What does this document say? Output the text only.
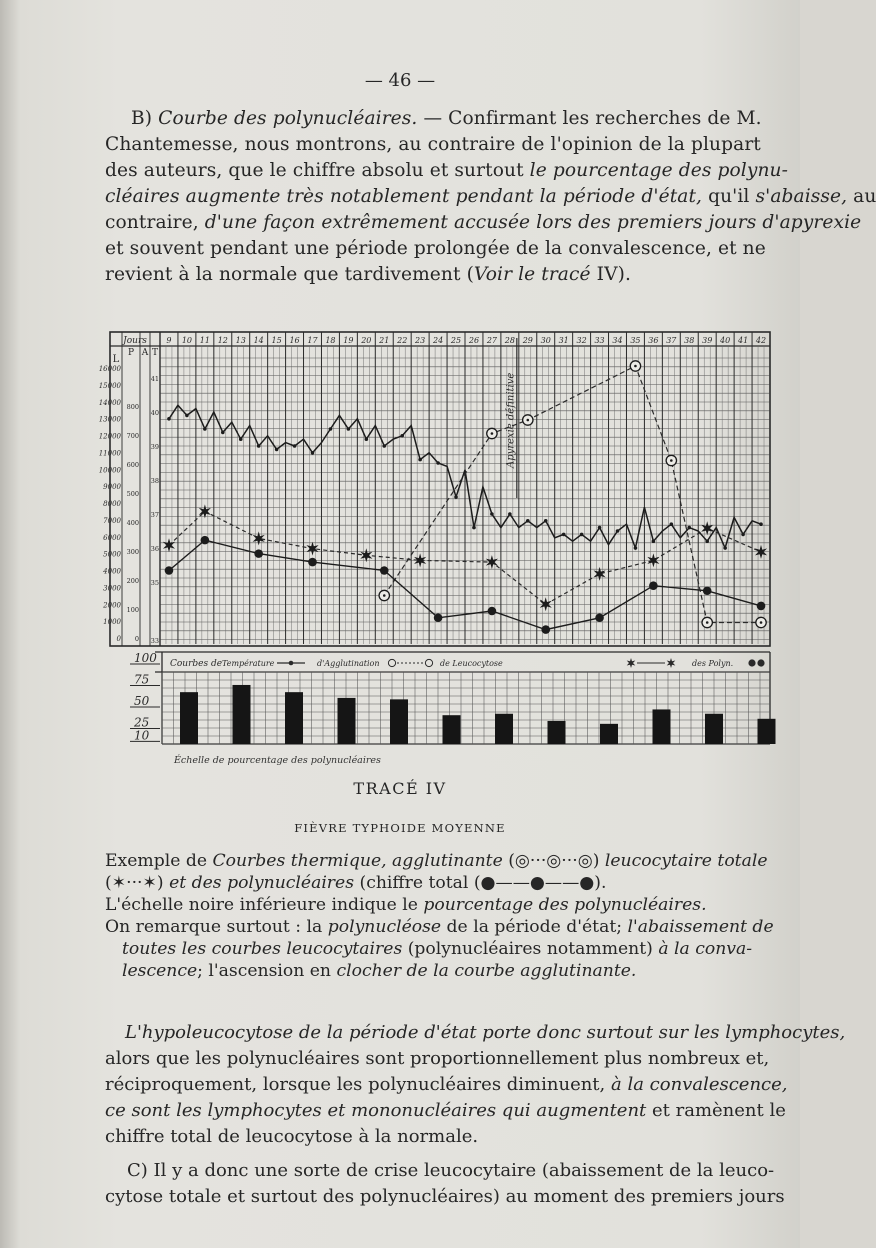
— 46 —
B) Courbe des polynucléaires. — Confirmant les recherches de M.
Chantemesse, nous montrons, au contraire de l'opinion de la plupart
des auteurs, que le chiffre absolu et surtout le pourcentage des polynu-
cléaires augmente très notablement pendant la période d'état, qu'il s'abaisse, au
contraire, d'une façon extrêmement accusée lors des premiers jours d'apyrexie
et souvent pendant une période prolongée de la convalescence, et ne
revient à la normale que tardivement (Voir le tracé IV).
Jours
L
P A T
9 10 11 12 13 14 15 16 17 18 19 20 21 22 23 24 25 26 27 28 29 30 31 32 33 34 35 36 37 38 39 40 41 42
16000
15000
14000
13000
12000
11000
10000
9000
8000
7000
6000
5000
4000
3000
2000
1000
0
800
700
600
500
400
300
200
100
0
41
40
39
38
37
36
35
33
Apyrexie définitive
Courbes de Température	d'Agglutination	de Leucocytose	des Polyn.
100
75
50
25
10
Échelle de pourcentage des polynucléaires
TRACÉ IV
FIÈVRE TYPHOIDE MOYENNE
Exemple de Courbes thermique, agglutinante (◎···◎···◎) leucocytaire totale
(✶···✶) et des polynucléaires (chiffre total (●——●——●).
L'échelle noire inférieure indique le pourcentage des polynucléaires.
On remarque surtout : la polynucléose de la période d'état; l'abaissement de
toutes les courbes leucocytaires (polynucléaires notamment) à la conva-
lescence; l'ascension en clocher de la courbe agglutinante.
L'hypoleucocytose de la période d'état porte donc surtout sur les lymphocytes,
alors que les polynucléaires sont proportionnellement plus nombreux et,
réciproquement, lorsque les polynucléaires diminuent, à la convalescence,
ce sont les lymphocytes et mononucléaires qui augmentent et ramènent le
chiffre total de leucocytose à la normale.
C) Il y a donc une sorte de crise leucocytaire (abaissement de la leuco-
cytose totale et surtout des polynucléaires) au moment des premiers jours
